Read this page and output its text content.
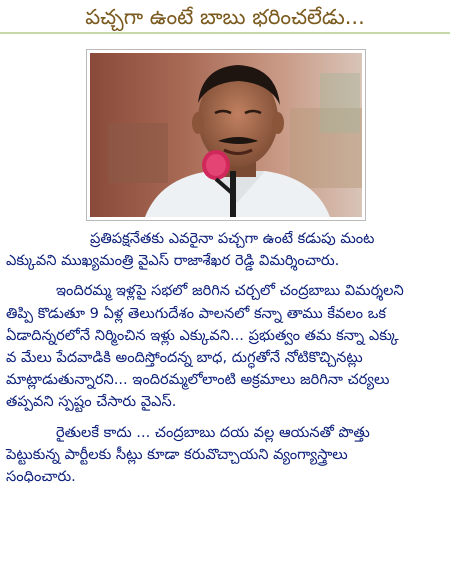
పచ్చగా ఉంటే బాబు భరించలేడు...
ప్రతిపక్షనేతకు ఎవరైనా పచ్చగా ఉంటే కడుపు మంట
ఎక్కువని ముఖ్యమంత్రి వైఎస్ రాజాశేఖర రెడ్డి విమర్శించారు.
ఇందిరమ్మ ఇళ్లపై సభలో జరిగిన చర్చలో చంద్రబాబు విమర్శలని
తిప్పి కొడుతూ 9 ఏళ్ల తెలుగుదేశం పాలనలో కన్నా తాము కేవలం ఒక
ఏడాదిన్నరలోనే నిర్మించిన ఇళ్లు ఎక్కువని... ప్రభుత్వం తమ కన్నా ఎక్కు
వ మేలు పేదవాడికి అందిస్తోందన్న బాధ, దుగ్ధతోనే నోటికొచ్చినట్లు
మాట్లాడుతున్నారని... ఇందిరమ్మలోలాంటి అక్రమాలు జరిగినా చర్యలు
తప్పవని స్పష్టం చేసారు వైఎస్.
రైతులకే కాదు ... చంద్రబాబు దయ వల్ల ఆయనతో పొత్తు
పెట్టుకున్న పార్టీలకు సీట్లు కూడా కరువొచ్చాయని వ్యంగ్యాస్త్రాలు
సంధించారు.
